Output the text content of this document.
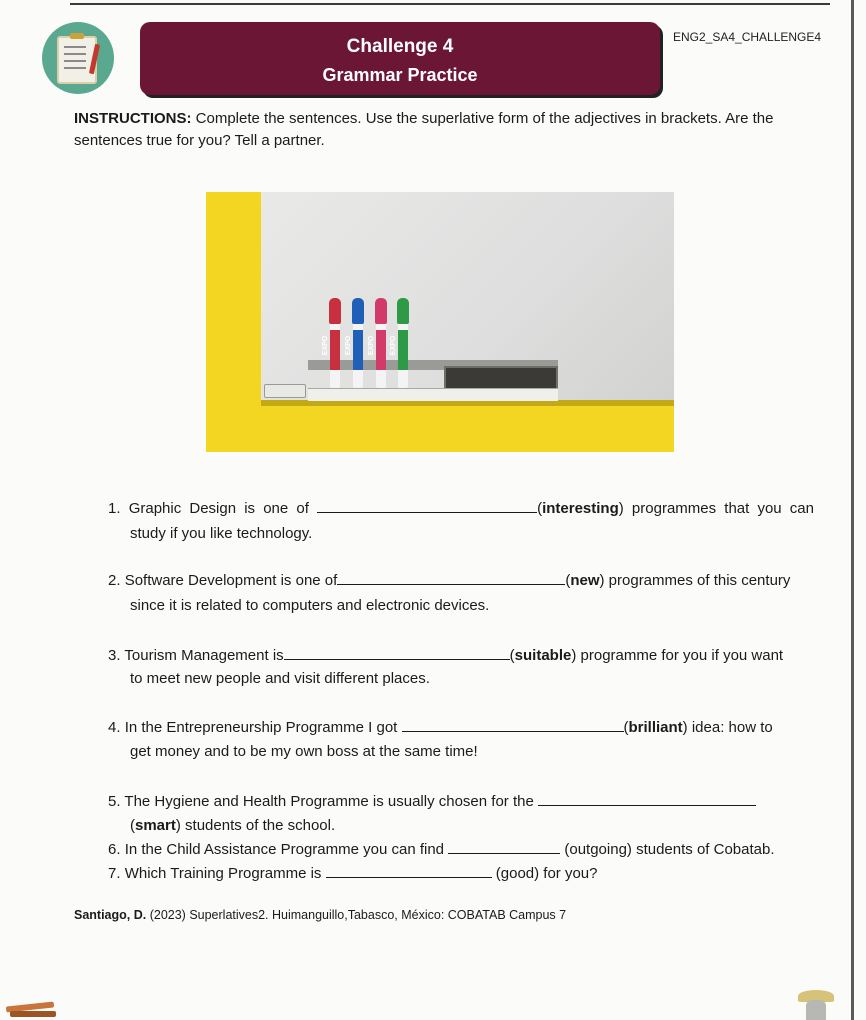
Challenge 4
Grammar Practice
ENG2_SA4_CHALLENGE4
INSTRUCTIONS: Complete the sentences. Use the superlative form of the adjectives in brackets. Are the sentences true for you? Tell a partner.
EXPO EXPO EXPO EXPO
1. Graphic Design is one of	(interesting) programmes that you can
study if you like technology.
2. Software Development is one of	(new) programmes of this century
since it is related to computers and electronic devices.
3. Tourism Management is	(suitable) programme for you if you want
to meet new people and visit different places.
4. In the Entrepreneurship Programme I got	(brilliant) idea: how to
get money and to be my own boss at the same time!
5. The Hygiene and Health Programme is usually chosen for the
(smart) students of the school.
6. In the Child Assistance Programme you can find	(outgoing) students of Cobatab.
7. Which Training Programme is	(good) for you?
Santiago, D. (2023) Superlatives2. Huimanguillo,Tabasco, México: COBATAB Campus 7
